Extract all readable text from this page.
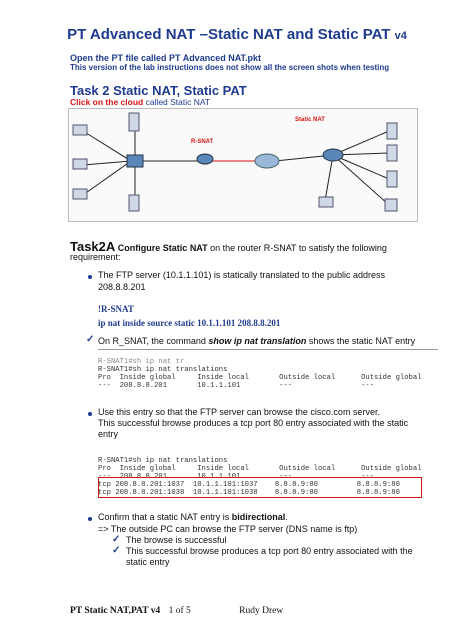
PT Advanced NAT –Static NAT and Static PAT v4
Open the PT file called PT Advanced NAT.pkt
This version of the lab instructions does not show all the screen shots when testing
Task 2 Static NAT, Static PAT
Click on the cloud called Static NAT
R-SNAT
Static NAT
Task2A Configure Static NAT on the router R-SNAT to satisfy the following
requirement:
The FTP server (10.1.1.101) is statically translated to the public address
208.8.8.201
!R-SNAT
ip nat inside source static 10.1.1.101 208.8.8.201
✓ On R_SNAT, the command show ip nat translation shows the static NAT entry

R-SNAT1#sh ip nat tr
R-SNAT1#sh ip nat translations
Pro  Inside global     Inside local       Outside local      Outside global
---  208.8.8.201       10.1.1.101         ---                ---

Use this entry so that the FTP server can browse the cisco.com server.
This successful browse produces a tcp port 80 entry associated with the static
entry

R-SNAT1#sh ip nat translations
Pro  Inside global     Inside local       Outside local      Outside global
---  208.8.8.201       10.1.1.101         ---                ---
tcp 208.8.8.201:1037  10.1.1.101:1037    8.8.8.9:80         8.8.8.9:80
tcp 208.8.8.201:1038  10.1.1.101:1038    8.8.8.9:80         8.8.8.9:80

Confirm that a static NAT entry is bidirectional.
=> The outside PC can browse the FTP server (DNS name is ftp)
✓ The browse is successful
✓ This successful browse produces a tcp port 80 entry associated with the
static entry
PT Static NAT,PAT v4 1 of 5	Rudy Drew
